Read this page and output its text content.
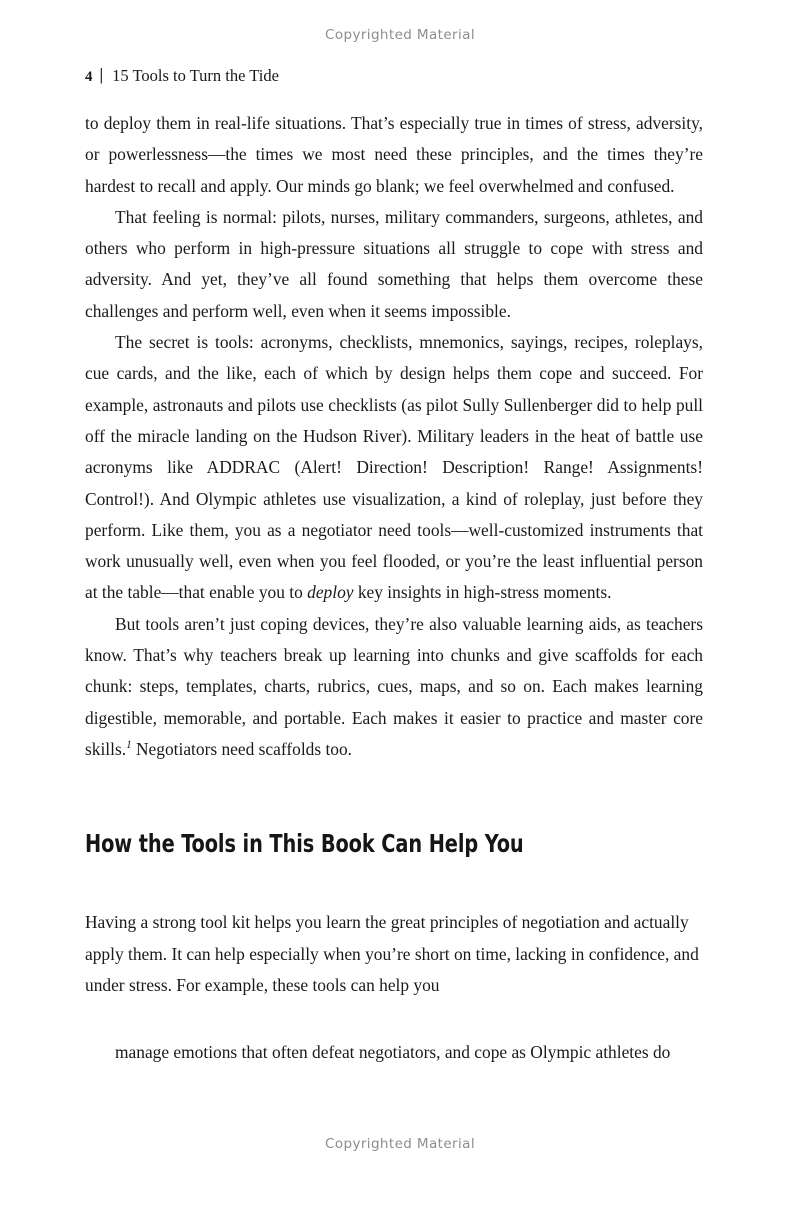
Copyrighted Material
4 | 15 Tools to Turn the Tide

to deploy them in real-life situations. That’s especially true in times of stress, adversity, or powerlessness—the times we most need these principles, and the times they’re hardest to recall and apply. Our minds go blank; we feel overwhelmed and confused.

That feeling is normal: pilots, nurses, military commanders, surgeons, athletes, and others who perform in high-pressure situations all struggle to cope with stress and adversity. And yet, they’ve all found something that helps them overcome these challenges and perform well, even when it seems impossible.

The secret is tools: acronyms, checklists, mnemonics, sayings, recipes, roleplays, cue cards, and the like, each of which by design helps them cope and succeed. For example, astronauts and pilots use checklists (as pilot Sully Sullenberger did to help pull off the miracle landing on the Hudson River). Military leaders in the heat of battle use acronyms like ADDRAC (Alert! Direction! Description! Range! Assignments! Control!). And Olympic athletes use visualization, a kind of roleplay, just before they perform. Like them, you as a negotiator need tools—well-customized instruments that work unusually well, even when you feel flooded, or you’re the least influential person at the table—that enable you to deploy key insights in high-stress moments.

But tools aren’t just coping devices, they’re also valuable learning aids, as teachers know. That’s why teachers break up learning into chunks and give scaffolds for each chunk: steps, templates, charts, rubrics, cues, maps, and so on. Each makes learning digestible, memorable, and portable. Each makes it easier to practice and master core skills.$^1$ Negotiators need scaffolds too.

How the Tools in This Book Can Help You

Having a strong tool kit helps you learn the great principles of negotiation and actually apply them. It can help especially when you’re short on time, lacking in confidence, and under stress. For example, these tools can help you

manage emotions that often defeat negotiators, and cope as Olympic athletes do

Copyrighted Material
